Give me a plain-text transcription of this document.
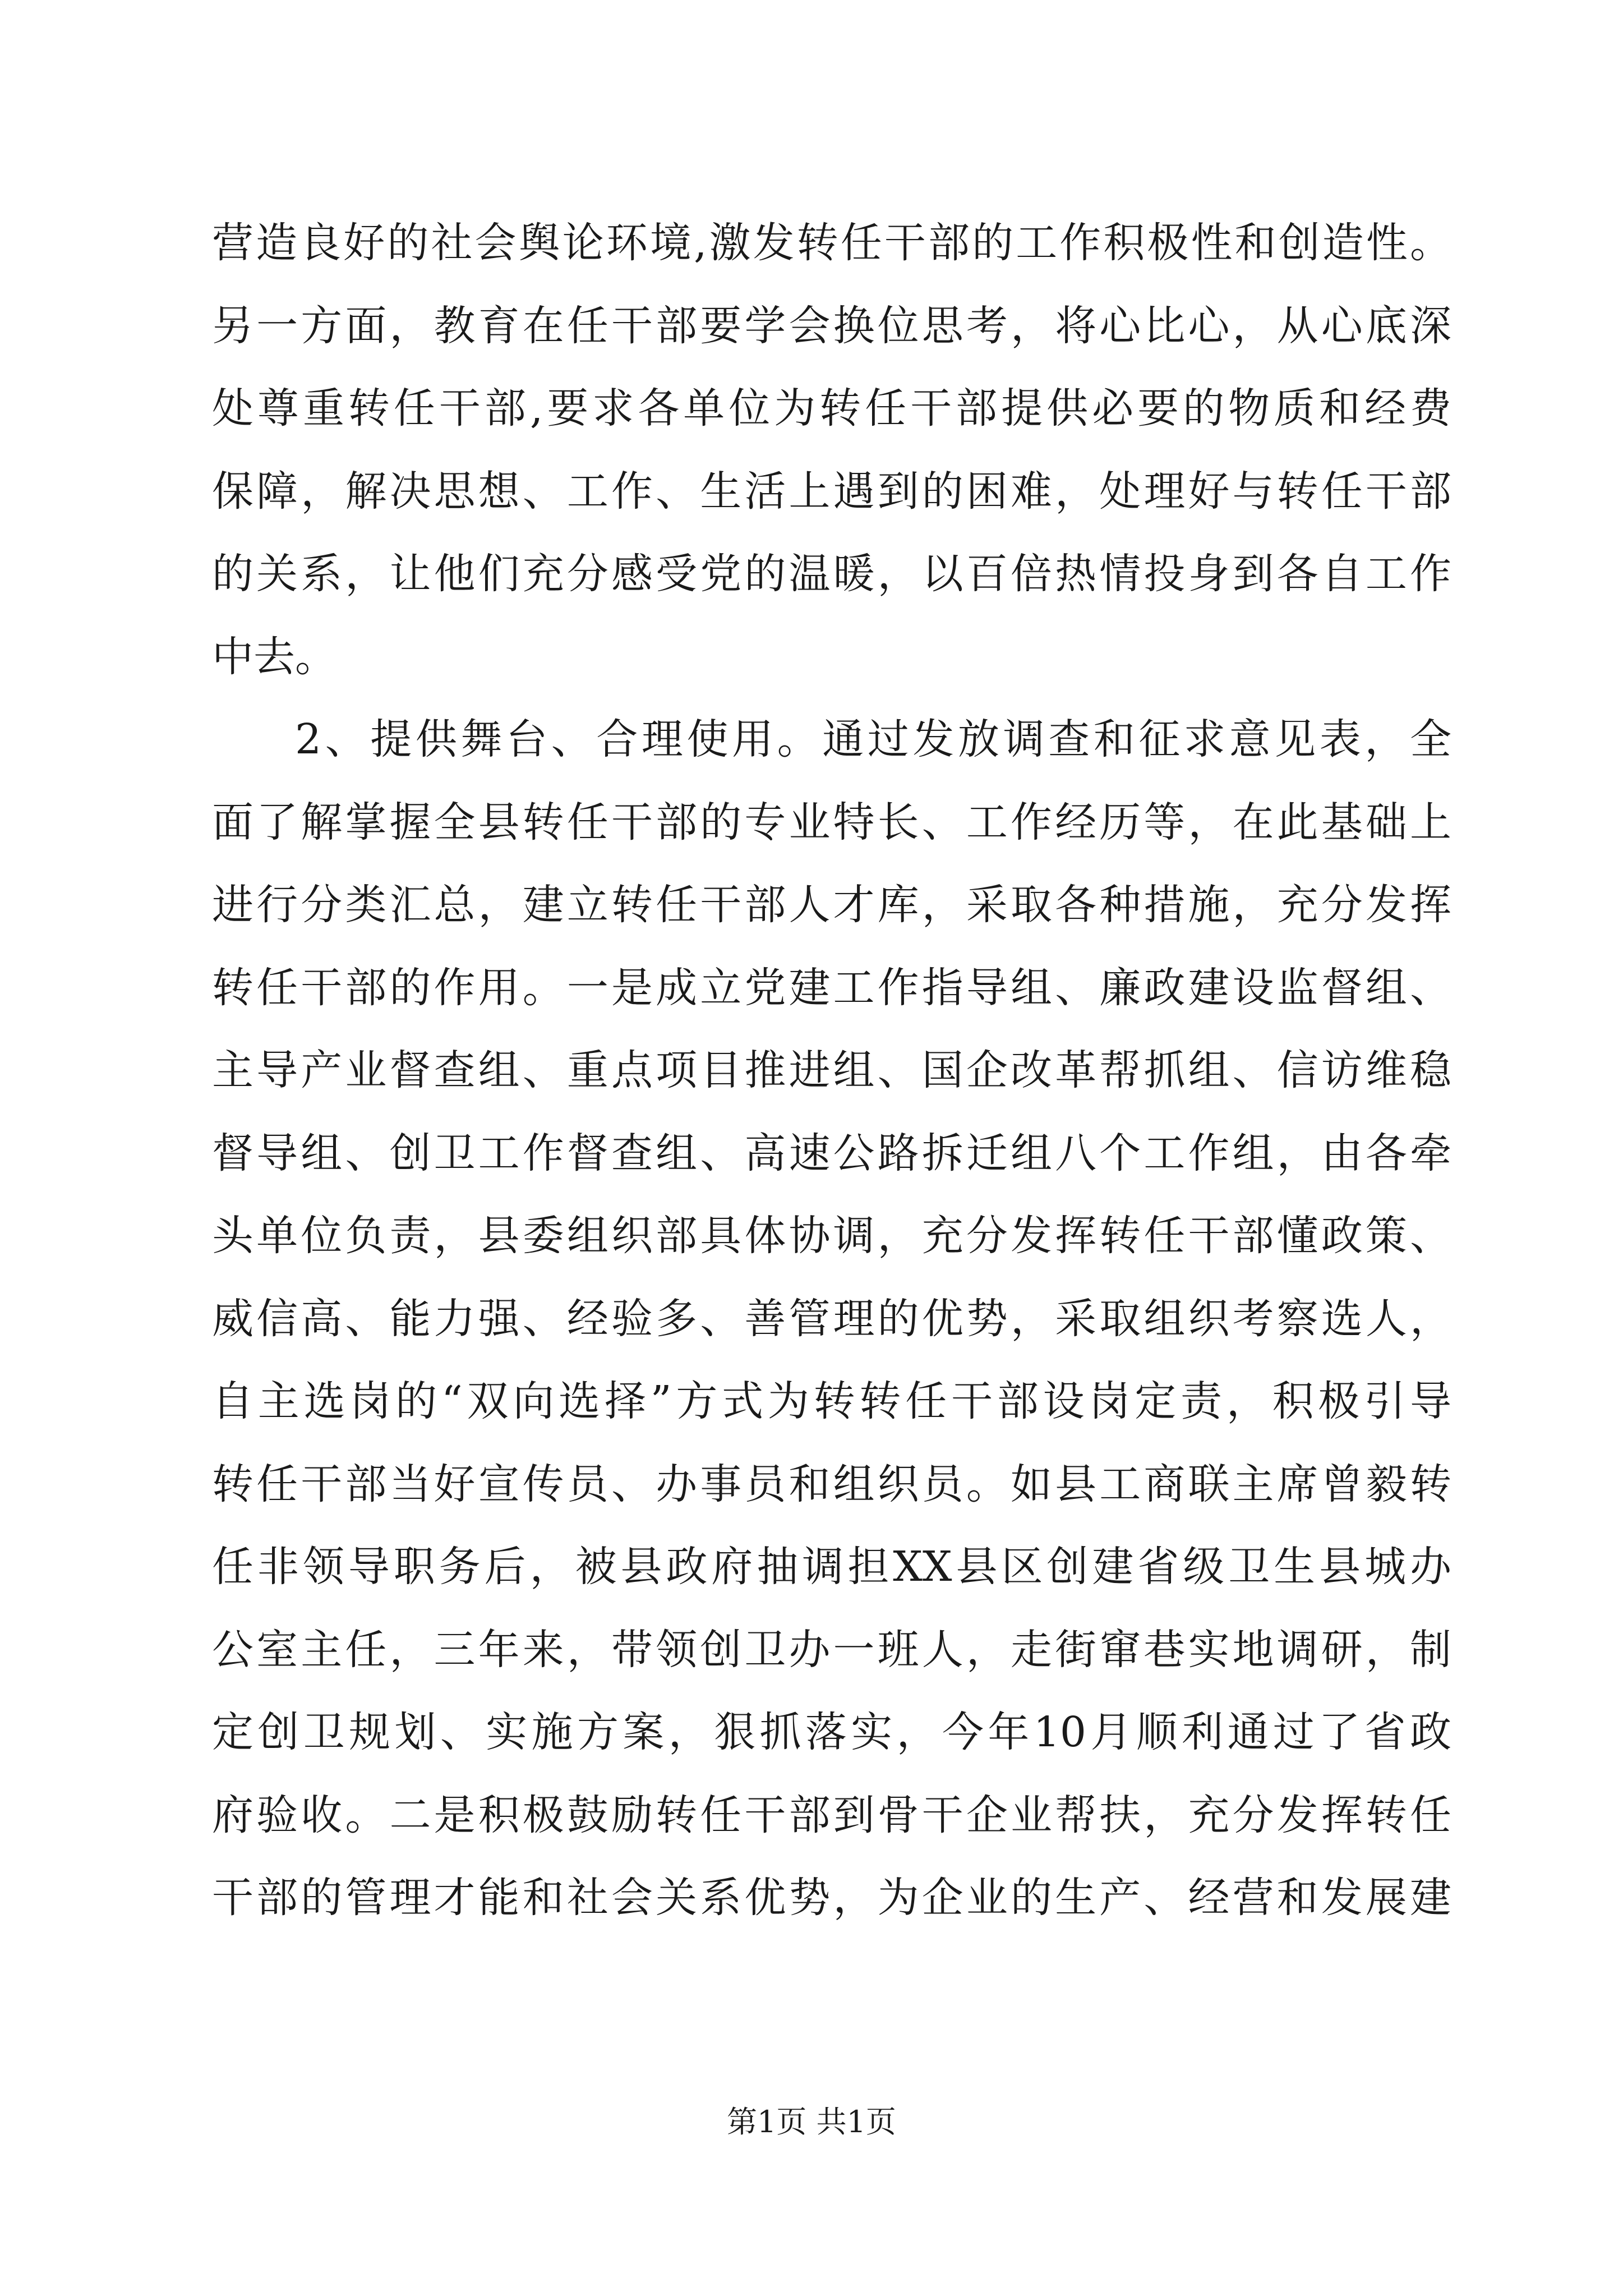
营造良好的社会舆论环境,激发转任干部的工作积极性和创造性。
另一方面，教育在任干部要学会换位思考，将心比心，从心底深
处尊重转任干部,要求各单位为转任干部提供必要的物质和经费
保障，解决思想、工作、生活上遇到的困难，处理好与转任干部
的关系，让他们充分感受党的温暖，以百倍热情投身到各自工作
中去。
2、提供舞台、合理使用。通过发放调查和征求意见表，全
面了解掌握全县转任干部的专业特长、工作经历等，在此基础上
进行分类汇总，建立转任干部人才库，采取各种措施，充分发挥
转任干部的作用。一是成立党建工作指导组、廉政建设监督组、
主导产业督查组、重点项目推进组、国企改革帮抓组、信访维稳
督导组、创卫工作督查组、高速公路拆迁组八个工作组，由各牵
头单位负责，县委组织部具体协调，充分发挥转任干部懂政策、
威信高、能力强、经验多、善管理的优势，采取组织考察选人，
自主选岗的“双向选择”方式为转转任干部设岗定责，积极引导
转任干部当好宣传员、办事员和组织员。如县工商联主席曾毅转
任非领导职务后，被县政府抽调担XX县区创建省级卫生县城办
公室主任，三年来，带领创卫办一班人，走街窜巷实地调研，制
定创卫规划、实施方案，狠抓落实，今年10月顺利通过了省政
府验收。二是积极鼓励转任干部到骨干企业帮扶，充分发挥转任
干部的管理才能和社会关系优势，为企业的生产、经营和发展建
第1页 共1页
